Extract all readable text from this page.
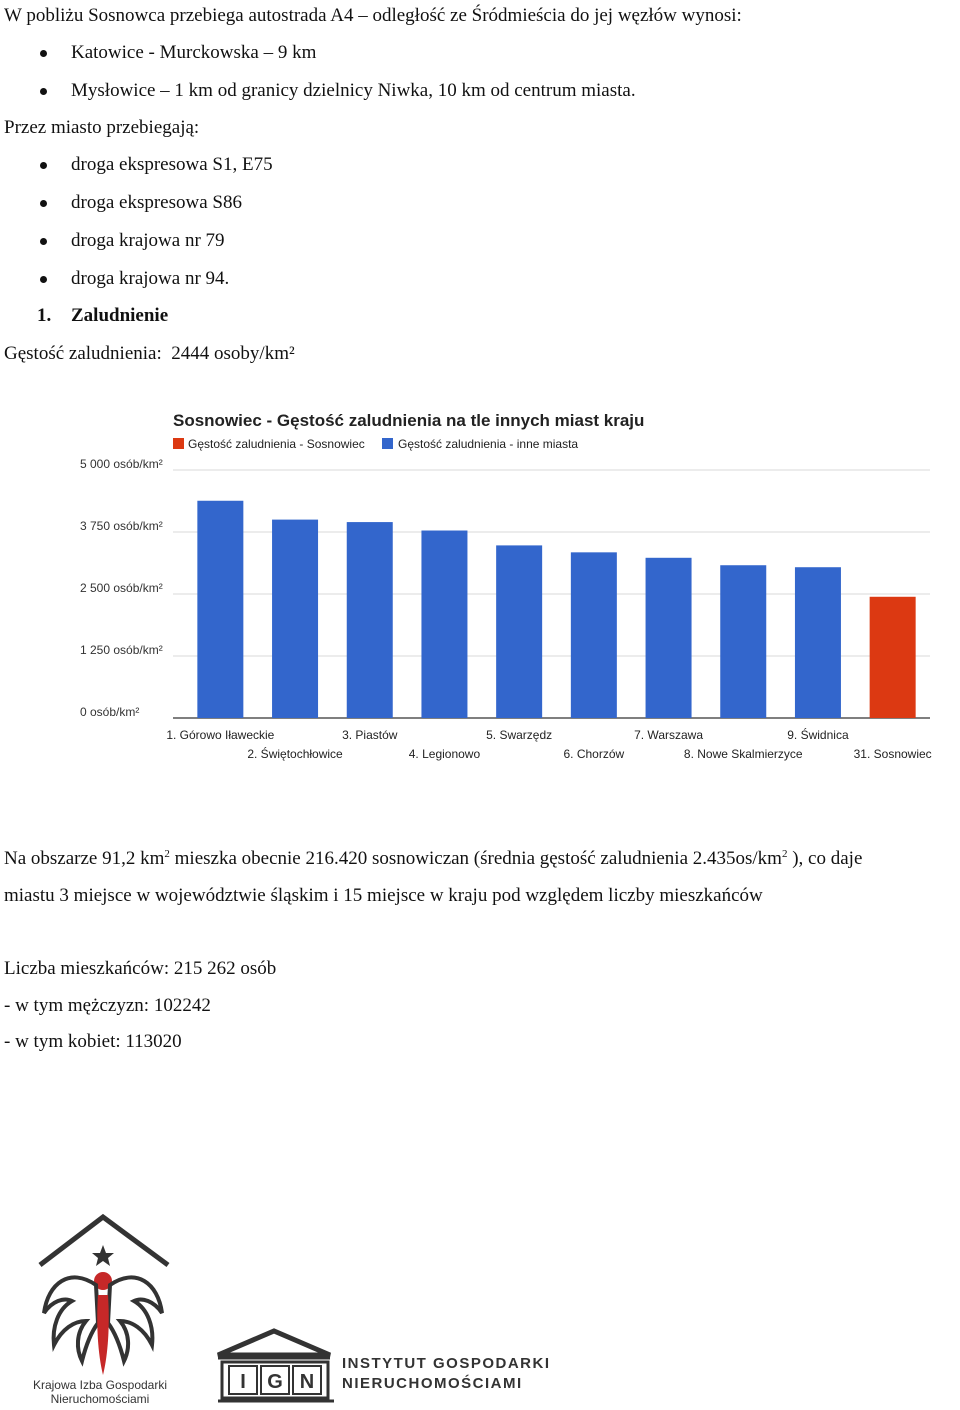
W pobliżu Sosnowca przebiega autostrada A4 – odległość ze Śródmieścia do jej węzłów wynosi:
Katowice - Murckowska – 9 km
Mysłowice – 1 km od granicy dzielnicy Niwka, 10 km od centrum miasta.
Przez miasto przebiegają:
droga ekspresowa S1, E75
droga ekspresowa S86
droga krajowa nr 79
droga krajowa nr 94.
1. Zaludnienie
Gęstość zaludnienia: 2444 osoby/km²
Sosnowiec - Gęstość zaludnienia na tle innych miast kraju
Gęstość zaludnienia - Sosnowiec	Gęstość zaludnienia - inne miasta
0 osób/km²
1 250 osób/km²
2 500 osób/km²
3 750 osób/km²
5 000 osób/km²
1. Górowo Iławeckie
2. Świętochłowice
3. Piastów
4. Legionowo
5. Swarzędz
6. Chorzów
7. Warszawa
8. Nowe Skalmierzyce
9. Świdnica
31. Sosnowiec
Na obszarze 91,2 $km^2$ mieszka obecnie 216.420 sosnowiczan (średnia gęstość zaludnienia $2.435os/km^2$ ), co daje
miastu 3 miejsce w województwie śląskim i 15 miejsce w kraju pod względem liczby mieszkańców
Liczba mieszkańców: 215 262 osób
- w tym mężczyzn: 102242
- w tym kobiet: 113020
Krajowa Izba Gospodarki
Nieruchomościami
I G N
INSTYTUT GOSPODARKI
NIERUCHOMOŚCIAMI
